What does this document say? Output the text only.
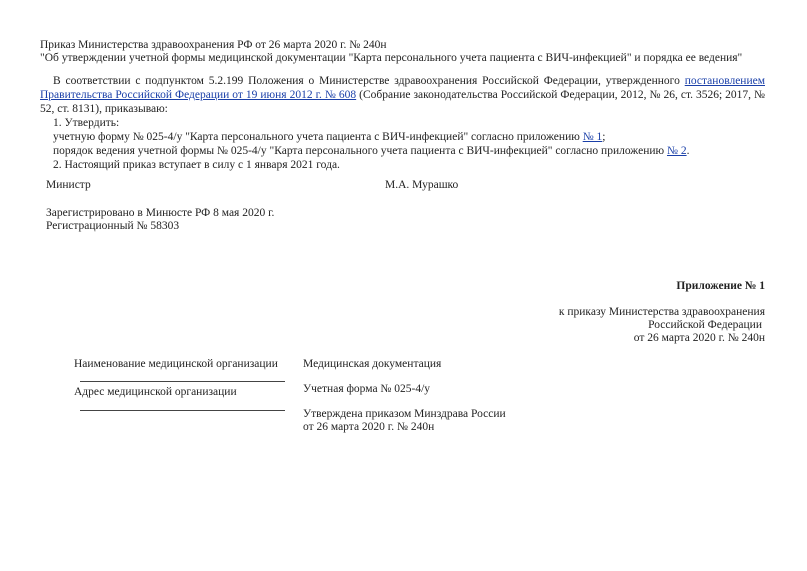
Приказ Министерства здравоохранения РФ от 26 марта 2020 г. № 240н
"Об утверждении учетной формы медицинской документации "Карта персонального учета пациента с ВИЧ-инфекцией" и порядка ее ведения"
В соответствии с подпунктом 5.2.199 Положения о Министерстве здравоохранения Российской Федерации, утвержденного постановлением Правительства Российской Федерации от 19 июня 2012 г. № 608 (Собрание законодательства Российской Федерации, 2012, № 26, ст. 3526; 2017, № 52, ст. 8131), приказываю:
1. Утвердить:
учетную форму № 025-4/у "Карта персонального учета пациента с ВИЧ-инфекцией" согласно приложению № 1;
порядок ведения учетной формы № 025-4/у "Карта персонального учета пациента с ВИЧ-инфекцией" согласно приложению № 2.
2. Настоящий приказ вступает в силу с 1 января 2021 года.
Министр	М.А. Мурашко
Зарегистрировано в Минюсте РФ 8 мая 2020 г.
Регистрационный № 58303
Приложение № 1
к приказу Министерства здравоохранения
Российской Федерации
от 26 марта 2020 г. № 240н
Наименование медицинской организации
Адрес медицинской организации
Медицинская документация
Учетная форма № 025-4/у
Утверждена приказом Минздрава России
от 26 марта 2020 г. № 240н
